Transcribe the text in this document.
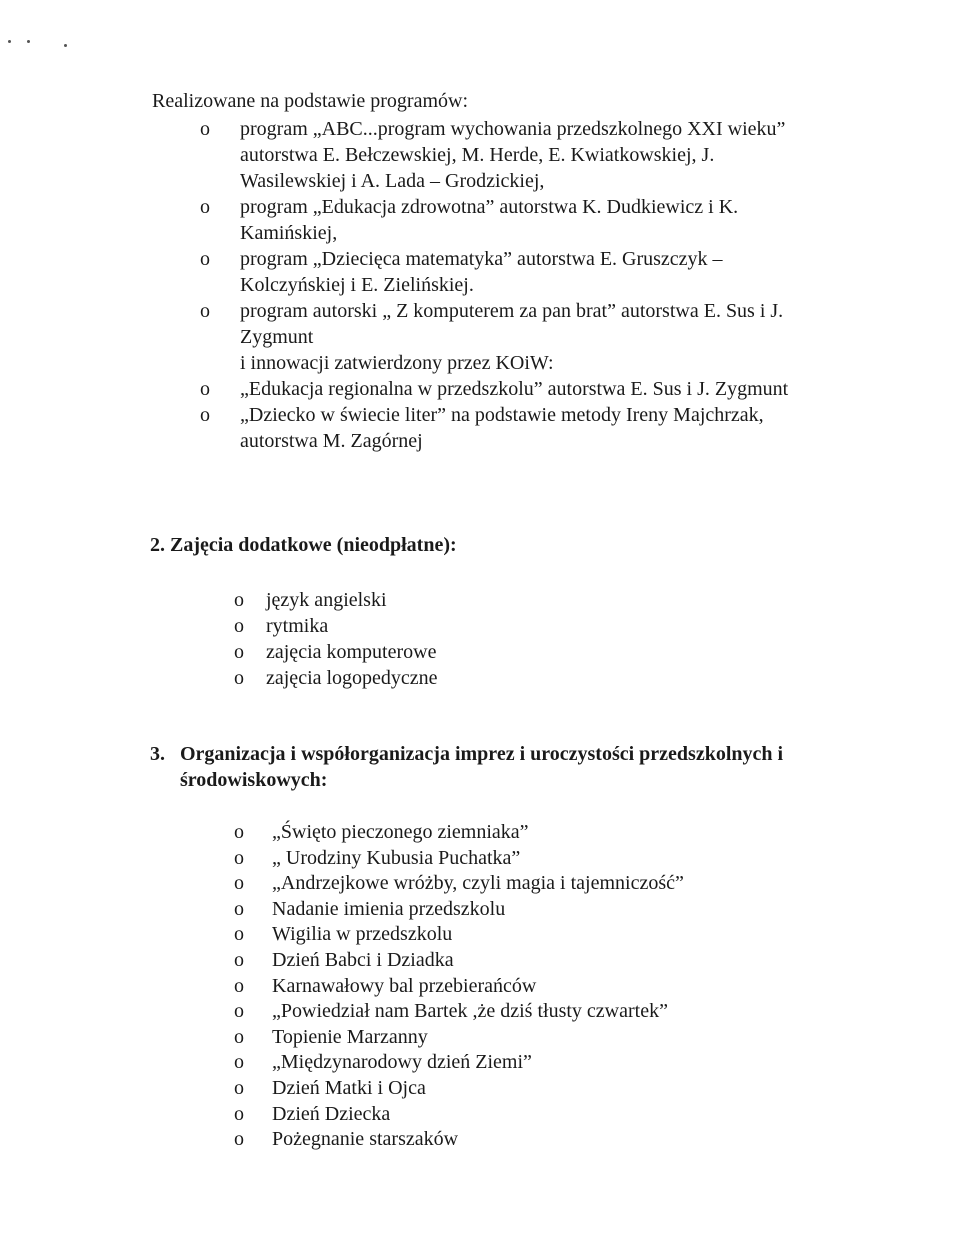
Realizowane na podstawie programów:

o program „ABC...program wychowania przedszkolnego XXI wieku” autorstwa E. Bełczewskiej, M. Herde, E. Kwiatkowskiej, J. Wasilewskiej i A. Lada – Grodzickiej,
o program „Edukacja zdrowotna” autorstwa K. Dudkiewicz i K. Kamińskiej,
o program „Dziecięca matematyka” autorstwa E. Gruszczyk – Kolczyńskiej i E. Zielińskiej.
o program autorski „ Z komputerem za pan brat” autorstwa E. Sus i J. Zygmunt
i innowacji zatwierdzony przez KOiW:
o „Edukacja regionalna w przedszkolu” autorstwa E. Sus i J. Zygmunt
o „Dziecko w świecie liter” na podstawie metody Ireny Majchrzak, autorstwa M. Zagórnej
2. Zajęcia dodatkowe (nieodpłatne):
o język angielski
o rytmika
o zajęcia komputerowe
o zajęcia logopedyczne
3. Organizacja i współorganizacja imprez i uroczystości przedszkolnych i środowiskowych:
o „Święto pieczonego ziemniaka”
o „ Urodziny Kubusia Puchatka”
o „Andrzejkowe wróżby, czyli magia i tajemniczość”
o Nadanie imienia przedszkolu
o Wigilia w przedszkolu
o Dzień Babci i Dziadka
o Karnawałowy bal przebierańców
o „Powiedział nam Bartek ,że dziś tłusty czwartek”
o Topienie Marzanny
o „Międzynarodowy dzień Ziemi”
o Dzień Matki i Ojca
o Dzień Dziecka
o Pożegnanie starszaków
